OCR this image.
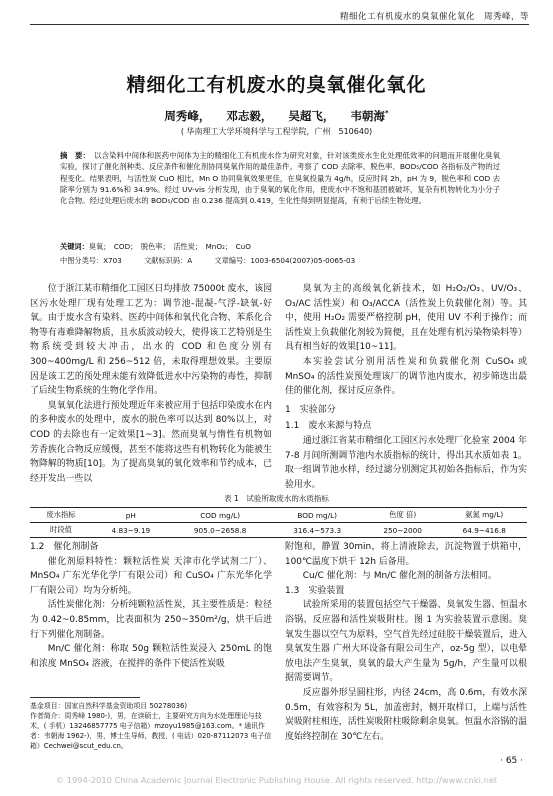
精细化工有机废水的臭氧催化氧化　周秀峰，等
精细化工有机废水的臭氧催化氧化
周秀峰， 邓志毅， 吴超飞， 韦朝海*
( 华南理工大学环境科学与工程学院，广州　510640)
摘　要： 以含染料中间体和医药中间体为主的精细化工有机废水作为研究对象，针对该类废水生化处理低效率的问题而开展催化臭氧实验，探讨了催化剂种类、反应条件和催化剂协同臭氧作用的最佳条件。考察了 COD 去除率、脱色率、BOD₅/COD 各指标及产物的过程变化。结果表明，与活性炭 CuO 相比，Mn O 协同臭氧效果更佳，在臭氧投量为 4g/h，反应时间 2h，pH 为 9，脱色率和 COD 去除率分别为 91.6%和 34.9%。经过 UV-vis 分析发现，由于臭氧的氧化作用，使废水中不饱和基团被破坏，复杂有机物转化为小分子化合物。经过处理后废水的 BOD₅/COD 由 0.236 提高到 0.419，生化性得到明显提高，有利于后续生物处理。
关键词：臭氧；　COD；　脱色率；　活性炭；　MnO₂；　CuO
中图分类号：X703	文献标识码：A	文章编号：1003-6504(2007)05-0065-03

位于浙江某市精细化工园区日均排放 75000t 废水，该园区污水处理厂现有处理工艺为：调节池-混凝-气浮-缺氧-好氧。由于废水含有染料、医药中间体和氧代化合物、苯系化合物等有毒难降解物质，且水质波动较大，使得该工艺特别是生物系统受到较大冲击，出水的 COD 和色度分别有 300~400mg/L 和 256~512 倍，未取得理想效果。主要原因是该工艺的预处理未能有效降低进水中污染物的毒性，抑制了后续生物系统的生物化学作用。

臭氧氧化法进行预处理近年来被应用于包括印染废水在内的多种废水的处理中，废水的脱色率可以达到 80%以上，对 COD 的去除也有一定效果[1~3]。然而臭氧与惰性有机物如芳香族化合物反应缓慢，甚至不能将这些有机物转化为能被生物降解的物质[10]。为了提高臭氧的氧化效率和节约成本，已经开发出一些以

臭氧为主的高级氧化新技术，如 H₂O₂/O₃、UV/O₃、O₃/AC 活性炭）和 O₃/ACCA（活性炭上负载催化剂）等。其中，使用 H₂O₂ 需要严格控制 pH，使用 UV 不利于操作；而活性炭上负载催化剂较为简便，且在处理有机污染物染料等）具有相当好的效果[10~11]。

本实验尝试分别用活性炭和负载催化剂 CuSO₄ 或 MnSO₄ 的活性炭预处理该厂的调节池内废水，初步筛选出最佳的催化剂，探讨反应条件。

1　实验部分

1.1　废水来源与特点

通过浙江省某市精细化工园区污水处理厂化验室 2004 年 7-8 月间所测调节池内水质指标的统计，得出其水质如表 1。取一组调节池水样，经过滤分别测定其初始各指标后，作为实验用水。

表 1　试验所取废水的水质指标
废水指标	pH	COD mg/L)	BOD mg/L)	色度 倍)	氨氮 mg/L)
时段值	4.83~9.19	905.0~2658.8	316.4~573.3	250~2000	64.9~416.8

1.2　催化剂制备

催化剂原料特性：颗粒活性炭 天津市化学试剂二厂）、MnSO₄ 广东光华化学厂有限公司）和 CuSO₄ 广东光华化学厂有限公司）均为分析纯。

活性炭催化剂：分析纯颗粒活性炭，其主要性质是：粒径为 0.42~0.85mm，比表面积为 250~350m²/g，烘干后进行下列催化剂制备。

Mn/C 催化剂：称取 50g 颗粒活性炭浸入 250mL 的饱和浓度 MnSO₄ 溶液，在搅拌的条件下使活性炭吸

附饱和，静置 30min，将上清液除去，沉淀物置于烘箱中，100℃温度下烘干 12h 后备用。

Cu/C 催化剂：与 Mn/C 催化剂的制备方法相同。

1.3　实验装置

试验所采用的装置包括空气干燥器、臭氧发生器、恒温水浴锅、反应器和活性炭吸附柱。图 1 为实验装置示意图。臭氧发生器以空气为原料，空气首先经过硅胶干燥装置后，进入臭氧发生器 广州大环设备有限公司生产，oz-5g 型），以电晕放电法产生臭氧，臭氧的最大产生量为 5g/h，产生量可以根据需要调节。

反应器外形呈圆柱形，内径 24cm，高 0.6m，有效水深 0.5m，有效容积为 5L，加盖密封，侧开取样口，上端与活性炭吸附柱相连，活性炭吸附柱吸除剩余臭氧。恒温水浴锅的温度始终控制在 30℃左右。

基金项目：国家自然科学基金资助项目 50278036)
作者简介：周秀峰 1980-)，男，在读硕士，主要研究方向为水处理理论与技术，( 手机）13246857775 电子信箱）mzoyu1985@163.com。* 通讯作者：韦朝海 1962-)，男，博士生导师，教授，( 电话）020-87112073 电子信箱）Cechwei@scut_edu.cn。
· 65 ·
© 1994-2010 China Academic Journal Electronic Publishing House. All rights reserved. http://www.cnki.net
